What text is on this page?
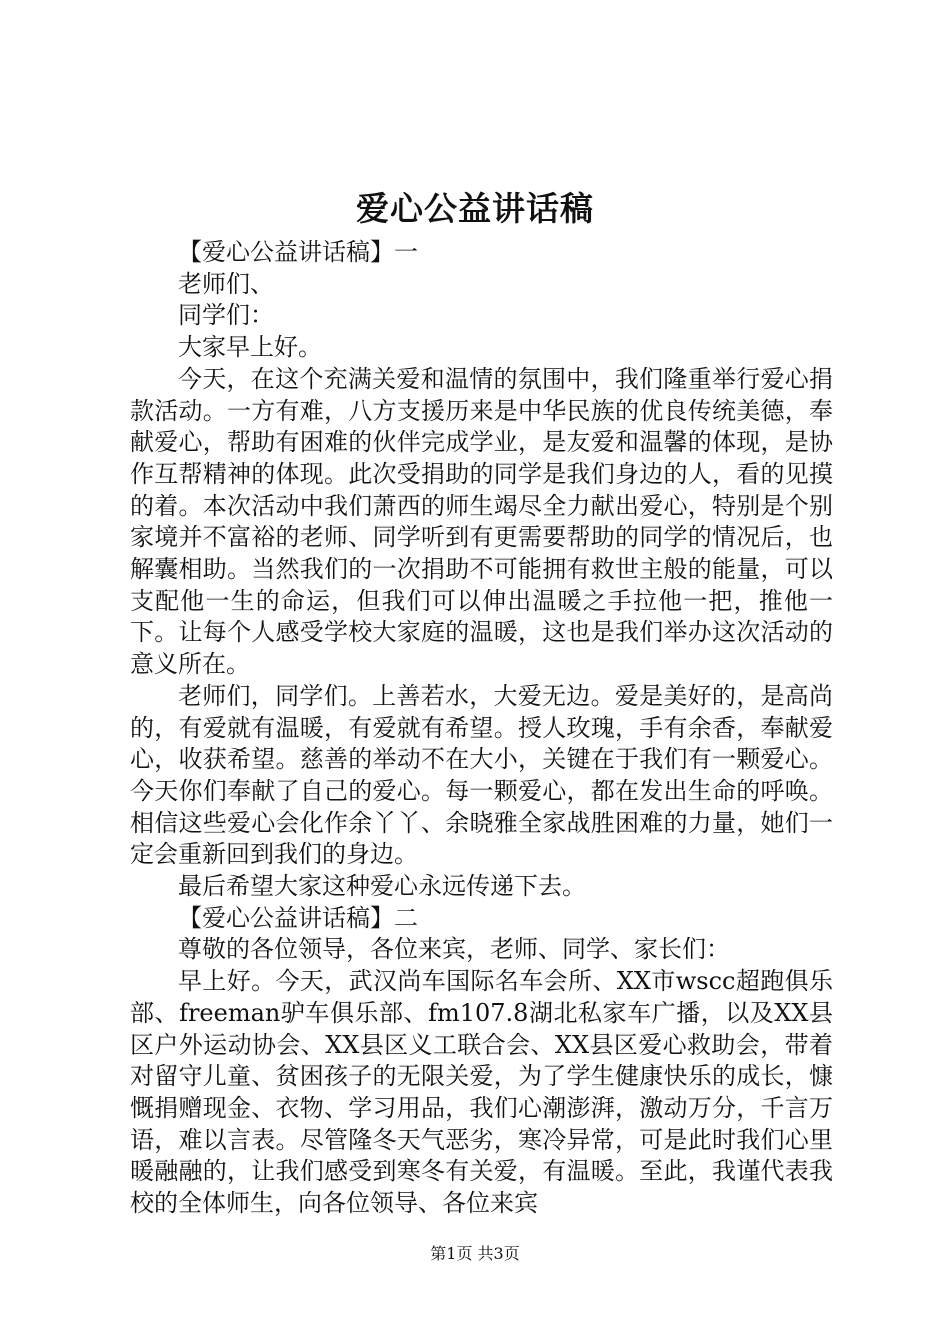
爱心公益讲话稿

【爱心公益讲话稿】一

老师们、

同学们：

大家早上好。

今天，在这个充满关爱和温情的氛围中，我们隆重举行爱心捐款活动。一方有难，八方支援历来是中华民族的优良传统美德，奉献爱心，帮助有困难的伙伴完成学业，是友爱和温馨的体现，是协作互帮精神的体现。此次受捐助的同学是我们身边的人，看的见摸的着。本次活动中我们萧西的师生竭尽全力献出爱心，特别是个别家境并不富裕的老师、同学听到有更需要帮助的同学的情况后，也解囊相助。当然我们的一次捐助不可能拥有救世主般的能量，可以支配他一生的命运，但我们可以伸出温暖之手拉他一把，推他一下。让每个人感受学校大家庭的温暖，这也是我们举办这次活动的意义所在。

老师们，同学们。上善若水，大爱无边。爱是美好的，是高尚的，有爱就有温暖，有爱就有希望。授人玫瑰，手有余香，奉献爱心，收获希望。慈善的举动不在大小，关键在于我们有一颗爱心。今天你们奉献了自己的爱心。每一颗爱心，都在发出生命的呼唤。相信这些爱心会化作余丫丫、余晓雅全家战胜困难的力量，她们一定会重新回到我们的身边。

最后希望大家这种爱心永远传递下去。

【爱心公益讲话稿】二

尊敬的各位领导，各位来宾，老师、同学、家长们：

早上好。今天，武汉尚车国际名车会所、XX市wscc超跑俱乐部、freeman驴车俱乐部、fm107.8湖北私家车广播，以及XX县区户外运动协会、XX县区义工联合会、XX县区爱心救助会，带着对留守儿童、贫困孩子的无限关爱，为了学生健康快乐的成长，慷慨捐赠现金、衣物、学习用品，我们心潮澎湃，激动万分，千言万语，难以言表。尽管隆冬天气恶劣，寒冷异常，可是此时我们心里暖融融的，让我们感受到寒冬有关爱，有温暖。至此，我谨代表我校的全体师生，向各位领导、各位来宾

第1页 共3页
